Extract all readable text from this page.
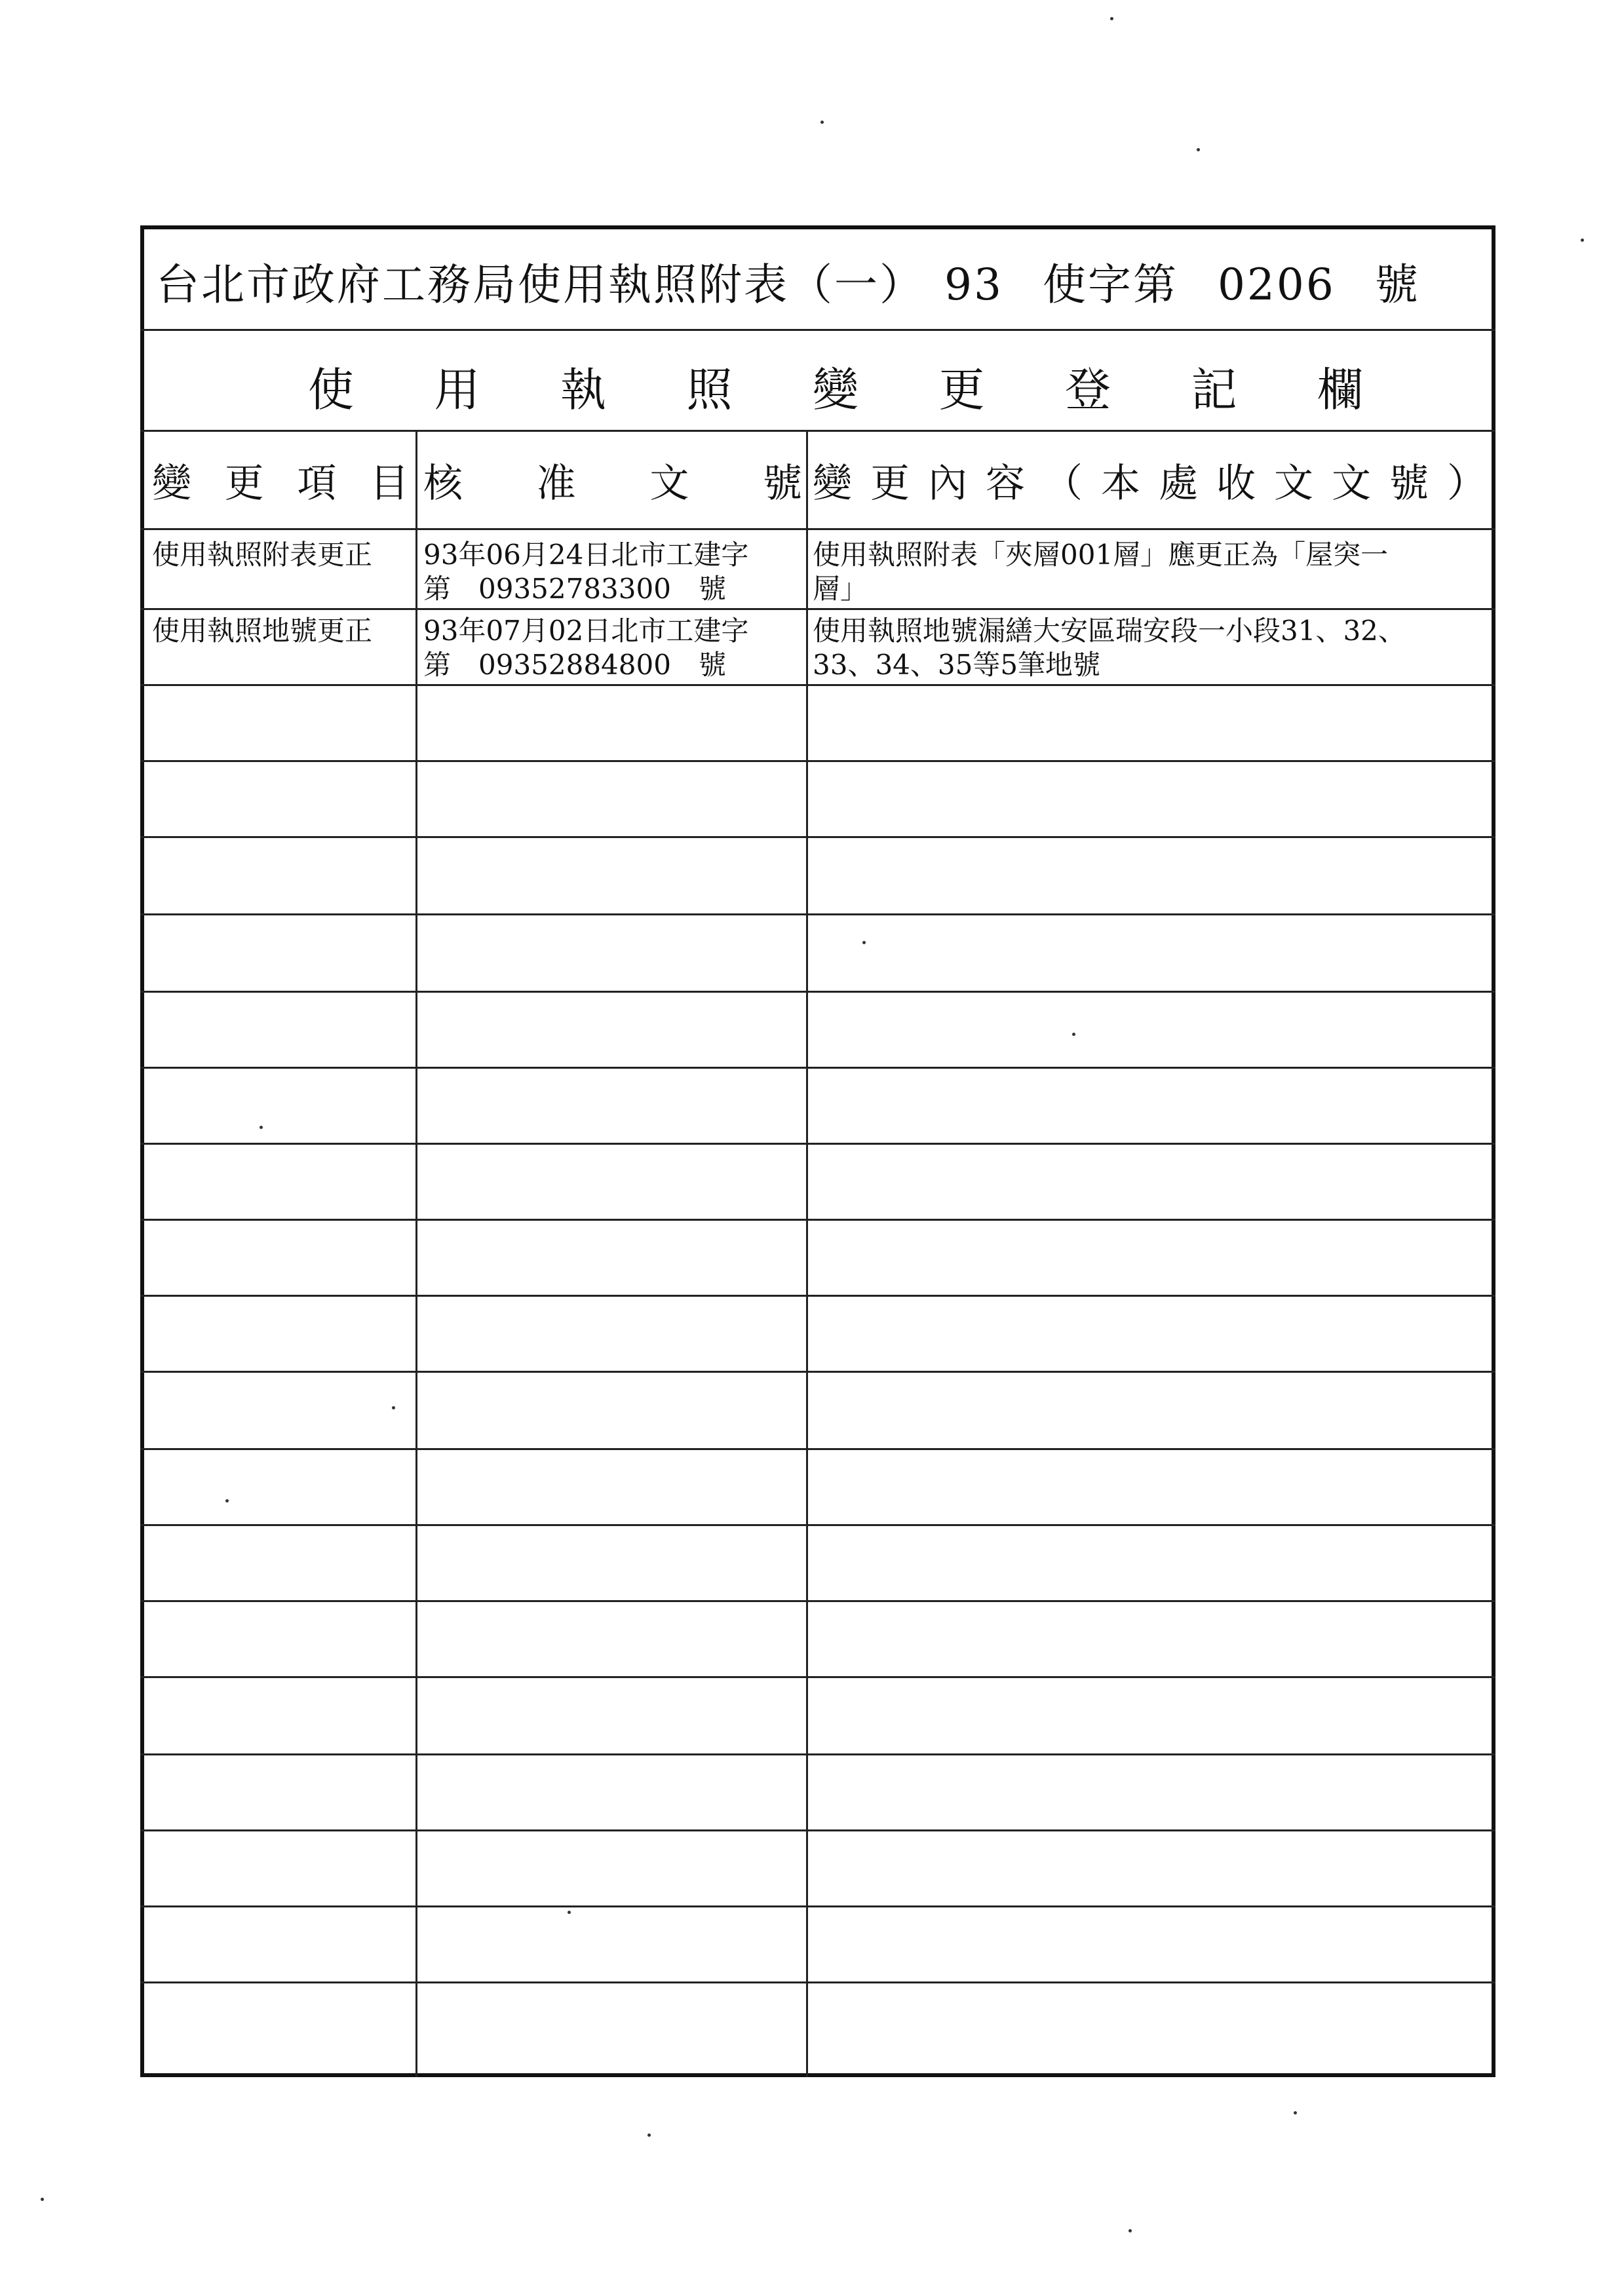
台北市政府工務局使用執照附表（一） 93 使字第 0206 號
使 用 執 照 變 更 登 記 欄
變 更 項 目 核 准 文 號 變 更 內 容 （ 本 處 收 文 文 號 ）
使用執照附表更正	93年06月24日北市工建字
第　09352783300　號
使用執照附表「夾層001層」應更正為「屋突一
層」
使用執照地號更正	93年07月02日北市工建字
第　09352884800　號
使用執照地號漏繕大安區瑞安段一小段31、32、
33、34、35等5筆地號
